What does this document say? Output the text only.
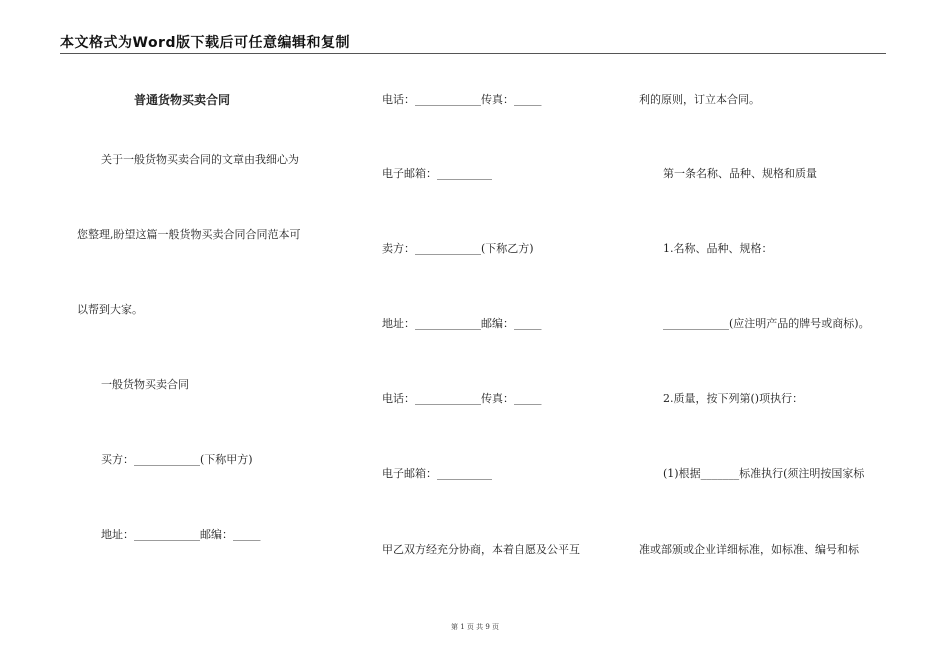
本文格式为Word版下载后可任意编辑和复制
普通货物买卖合同
关于一般货物买卖合同的文章由我细心为
您整理,盼望这篇一般货物买卖合同合同范本可
以帮到大家。
一般货物买卖合同
买方：____________(下称甲方)
地址：____________邮编：_____
电话：____________传真：_____
电子邮箱：__________
卖方：____________(下称乙方)
地址：____________邮编：_____
电话：____________传真：_____
电子邮箱：__________
甲乙双方经充分协商，本着自愿及公平互
利的原则，订立本合同。
第一条名称、品种、规格和质量
1.名称、品种、规格：
____________(应注明产品的牌号或商标)。
2.质量，按下列第()项执行：
(1)根据_______标准执行(须注明按国家标
准或部颁或企业详细标准，如标准、编号和标
第 1 页 共 9 页
